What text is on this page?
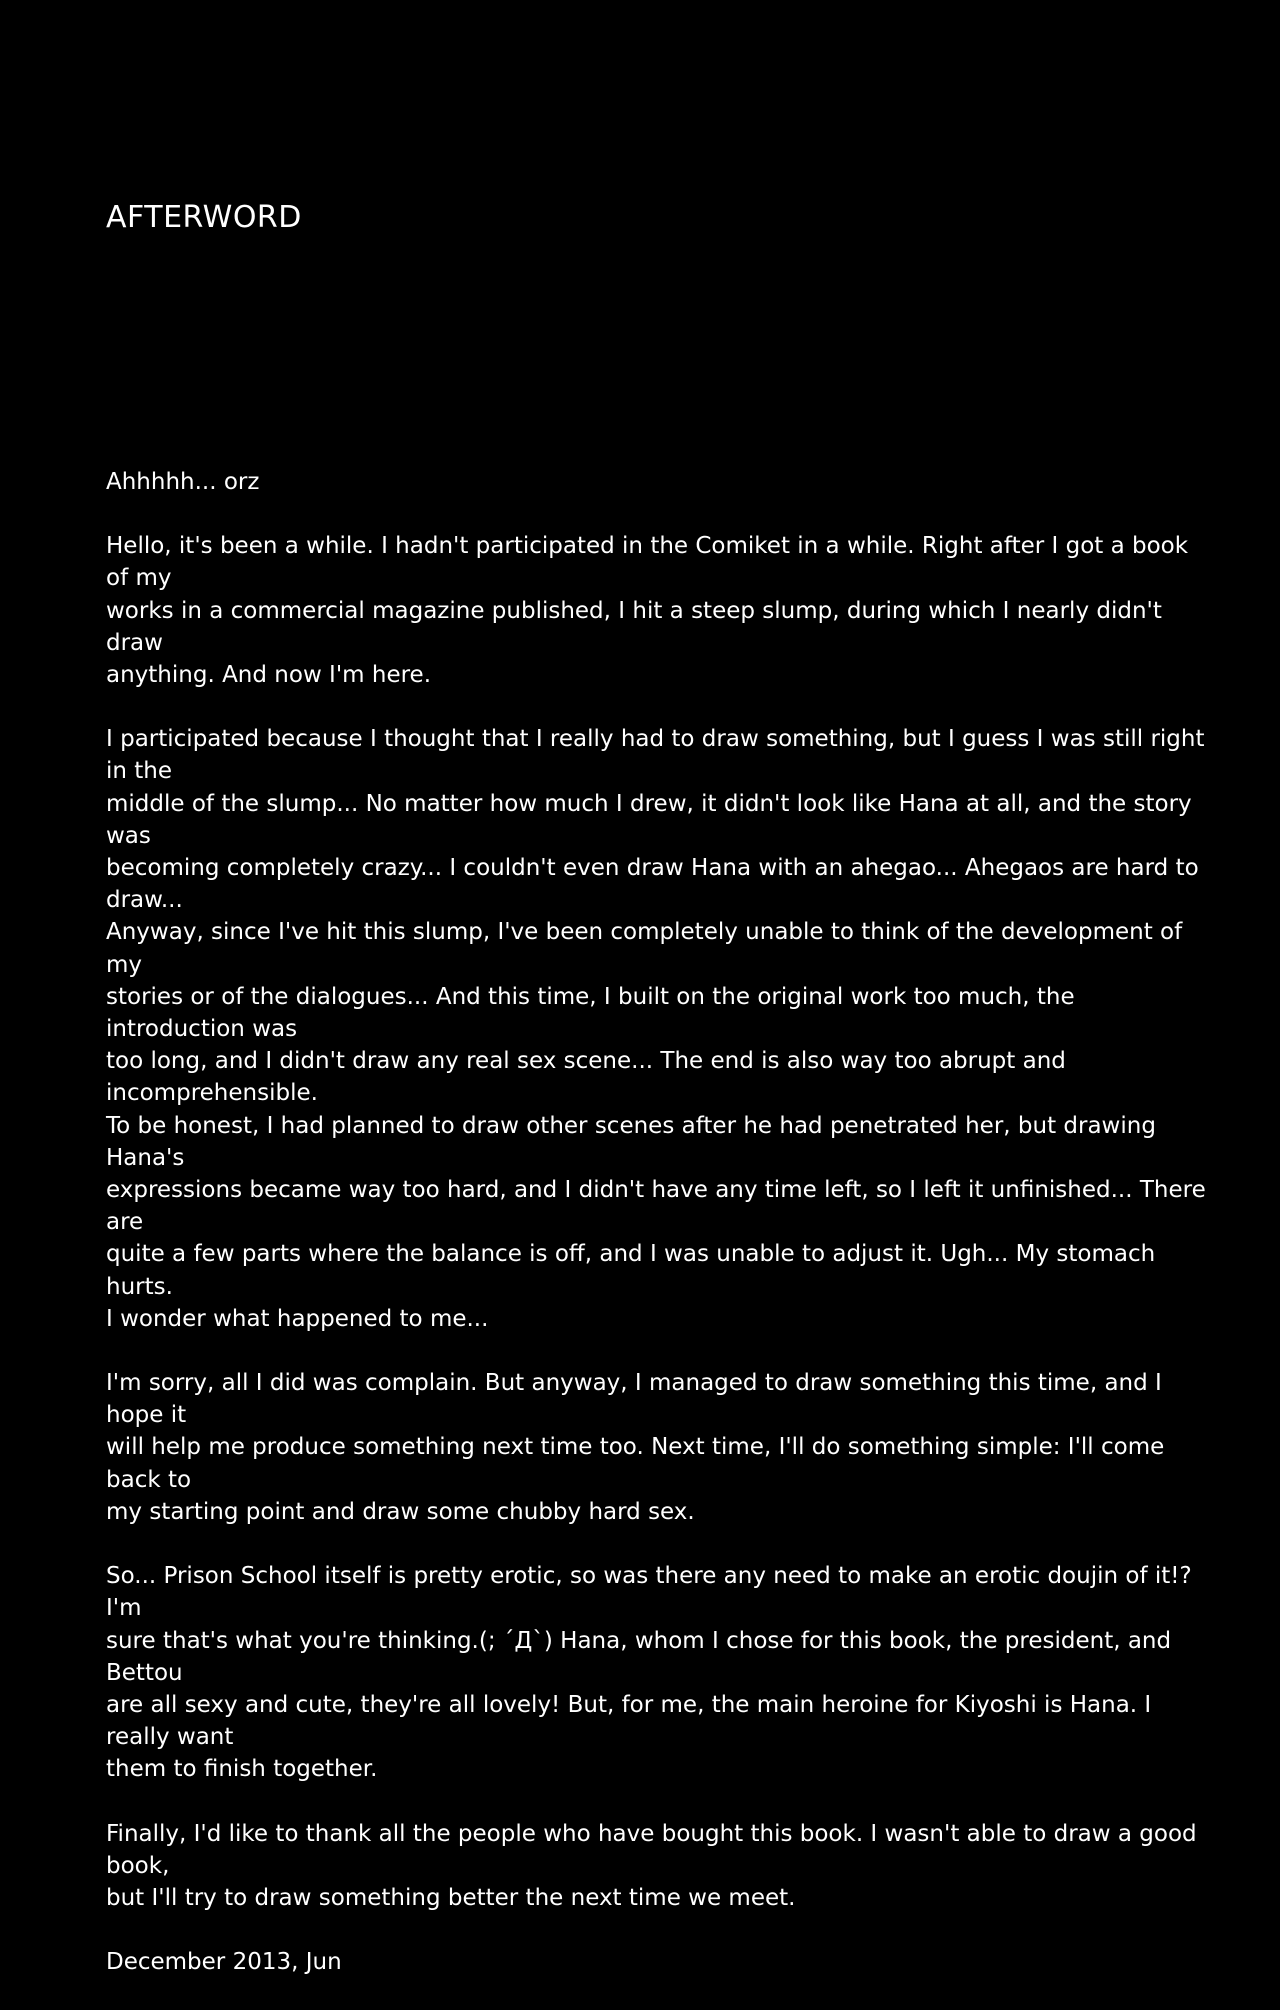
AFTERWORD

Ahhhhh... orz

Hello, it's been a while. I hadn't participated in the Comiket in a while. Right after I got a book of my
works in a commercial magazine published, I hit a steep slump, during which I nearly didn't draw
anything. And now I'm here.

I participated because I thought that I really had to draw something, but I guess I was still right in the
middle of the slump... No matter how much I drew, it didn't look like Hana at all, and the story was
becoming completely crazy... I couldn't even draw Hana with an ahegao... Ahegaos are hard to draw...
Anyway, since I've hit this slump, I've been completely unable to think of the development of my
stories or of the dialogues... And this time, I built on the original work too much, the introduction was
too long, and I didn't draw any real sex scene... The end is also way too abrupt and incomprehensible.
To be honest, I had planned to draw other scenes after he had penetrated her, but drawing Hana's
expressions became way too hard, and I didn't have any time left, so I left it unfinished... There are
quite a few parts where the balance is off, and I was unable to adjust it. Ugh... My stomach hurts.
I wonder what happened to me...

I'm sorry, all I did was complain. But anyway, I managed to draw something this time, and I hope it
will help me produce something next time too. Next time, I'll do something simple: I'll come back to
my starting point and draw some chubby hard sex.

So... Prison School itself is pretty erotic, so was there any need to make an erotic doujin of it!? I'm
sure that's what you're thinking.(; ´Д`) Hana, whom I chose for this book, the president, and Bettou
are all sexy and cute, they're all lovely! But, for me, the main heroine for Kiyoshi is Hana. I really want
them to finish together.

Finally, I'd like to thank all the people who have bought this book. I wasn't able to draw a good book,
but I'll try to draw something better the next time we meet.

December 2013, Jun
